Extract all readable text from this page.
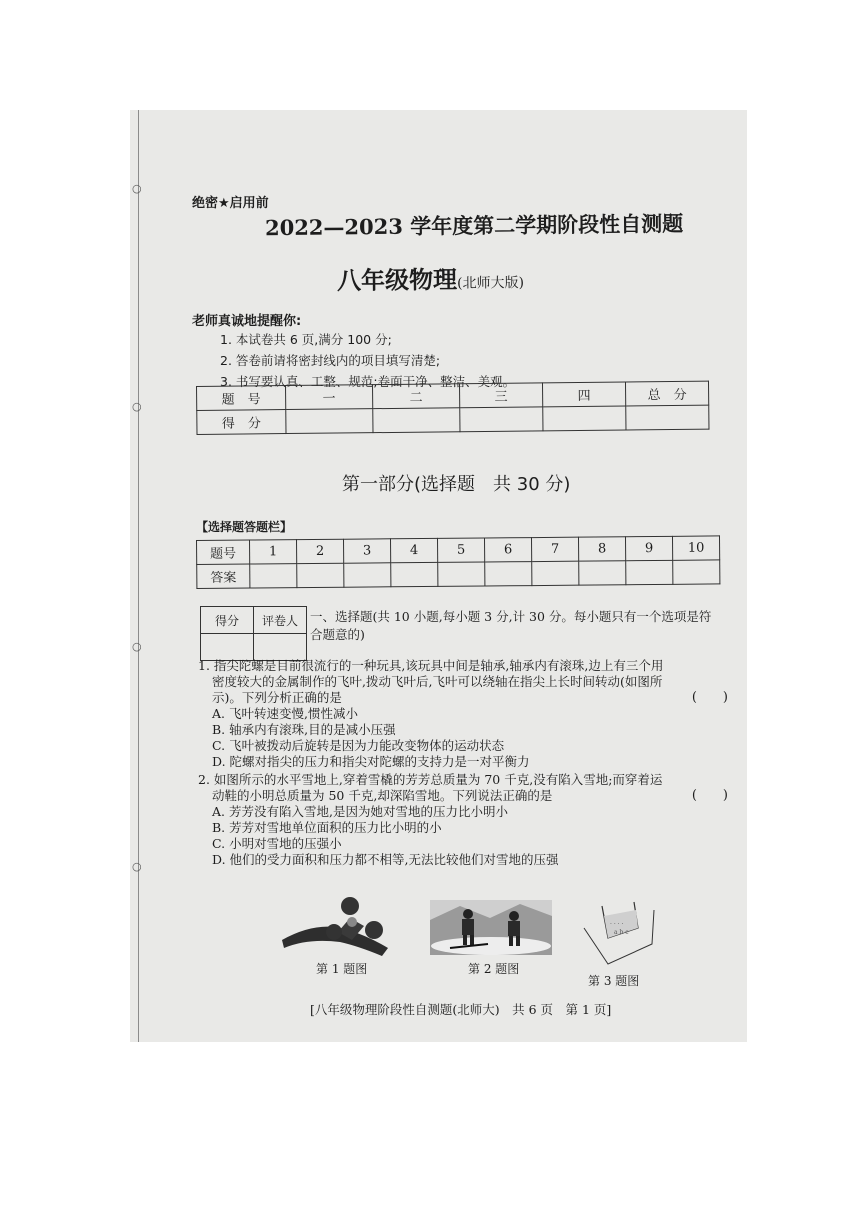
○
○
○
○
绝密★启用前
2022—2023 学年度第二学期阶段性自测题
八年级物理(北师大版)
老师真诚地提醒你:
1. 本试卷共 6 页,满分 100 分;
2. 答卷前请将密封线内的项目填写清楚;
3. 书写要认真、工整、规范;卷面干净、整洁、美观。
题　号	一	二	三	四	总　分
得　分					
第一部分(选择题　共 30 分)
【选择题答题栏】
题号	1	2	3	4	5	6	7	8	9	10
答案										
得分	评卷人
	一、选择题(共 10 小题,每小题 3 分,计 30 分。每小题只有一个选项是符合题意的)
1. 指尖陀螺是目前很流行的一种玩具,该玩具中间是轴承,轴承内有滚珠,边上有三个用
密度较大的金属制作的飞叶,拨动飞叶后,飞叶可以绕轴在指尖上长时间转动(如图所
示)。下列分析正确的是	(　　)
A. 飞叶转速变慢,惯性减小
B. 轴承内有滚珠,目的是减小压强
C. 飞叶被拨动后旋转是因为力能改变物体的运动状态
D. 陀螺对指尖的压力和指尖对陀螺的支持力是一对平衡力
2. 如图所示的水平雪地上,穿着雪橇的芳芳总质量为 70 千克,没有陷入雪地;而穿着运
动鞋的小明总质量为 50 千克,却深陷雪地。下列说法正确的是	(　　)
A. 芳芳没有陷入雪地,是因为她对雪地的压力比小明小
B. 芳芳对雪地单位面积的压力比小明的小
C. 小明对雪地的压强小
D. 他们的受力面积和压力都不相等,无法比较他们对雪地的压强
第 1 题图	第 2 题图
· · · ·
a b c
第 3 题图
[八年级物理阶段性自测题(北师大)　共 6 页　第 1 页]
